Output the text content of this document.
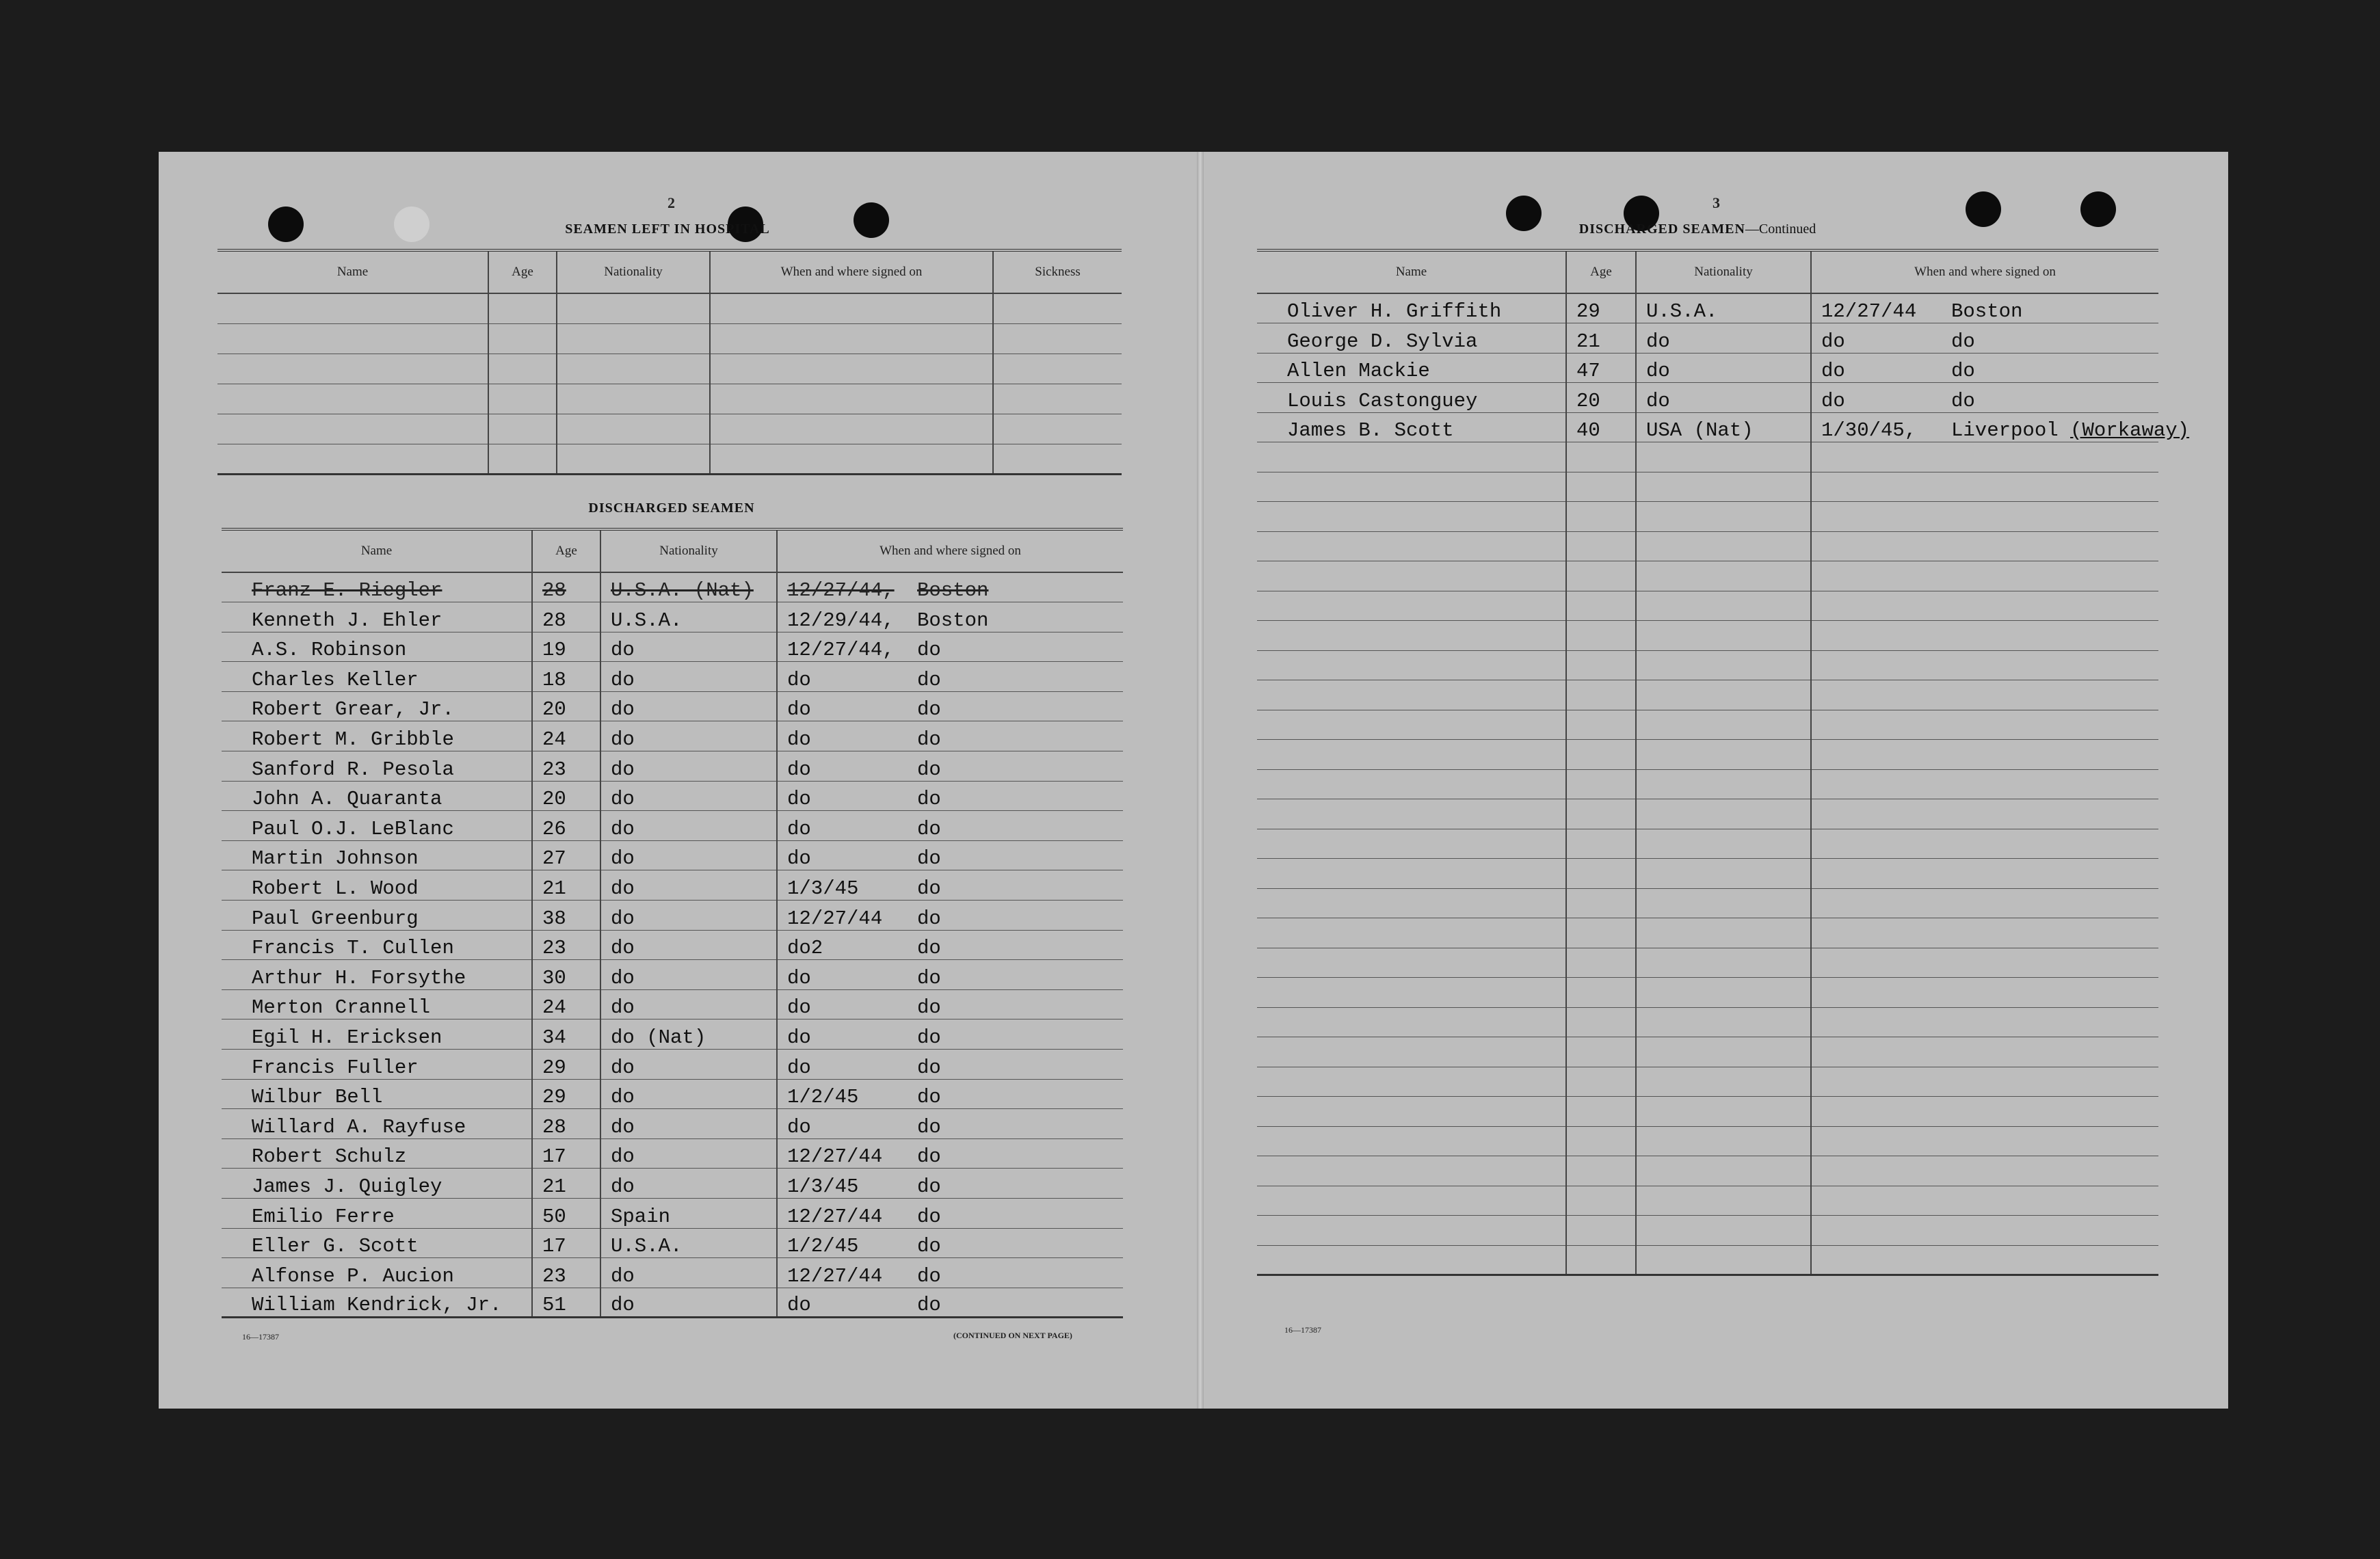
2
SEAMEN LEFT IN HOSPITAL
Name	Age	Nationality	When and where signed on	Sickness

DISCHARGED SEAMEN
Name	Age	Nationality	When and where signed on
Franz E. Riegler	28	U.S.A. (Nat)	12/27/44, Boston
Kenneth J. Ehler	28	U.S.A.	12/29/44, Boston
A.S. Robinson	19	do	12/27/44, do
Charles Keller	18	do	do do
Robert Grear, Jr.	20	do	do do
Robert M. Gribble	24	do	do do
Sanford R. Pesola	23	do	do do
John A. Quaranta	20	do	do do
Paul O.J. LeBlanc	26	do	do do
Martin Johnson	27	do	do do
Robert L. Wood	21	do	1/3/45 do
Paul Greenburg	38	do	12/27/44 do
Francis T. Cullen	23	do	do2 do
Arthur H. Forsythe	30	do	do do
Merton Crannell	24	do	do do
Egil H. Ericksen	34	do (Nat)	do do
Francis Fuller	29	do	do do
Wilbur Bell	29	do	1/2/45 do
Willard A. Rayfuse	28	do	do do
Robert Schulz	17	do	12/27/44 do
James J. Quigley	21	do	1/3/45 do
Emilio Ferre	50	Spain	12/27/44 do
Eller G. Scott	17	U.S.A.	1/2/45 do
Alfonse P. Aucion	23	do	12/27/44 do
William Kendrick, Jr.	51	do	do do
16—17387	(CONTINUED ON NEXT PAGE)
3
DISCHARGED SEAMEN—Continued
Name	Age	Nationality	When and where signed on
Oliver H. Griffith	29	U.S.A.	12/27/44 Boston
George D. Sylvia	21	do	do do
Allen Mackie	47	do	do do
Louis Castonguey	20	do	do do
James B. Scott	40	USA (Nat)	1/30/45, Liverpool (Workaway)

16—17387
